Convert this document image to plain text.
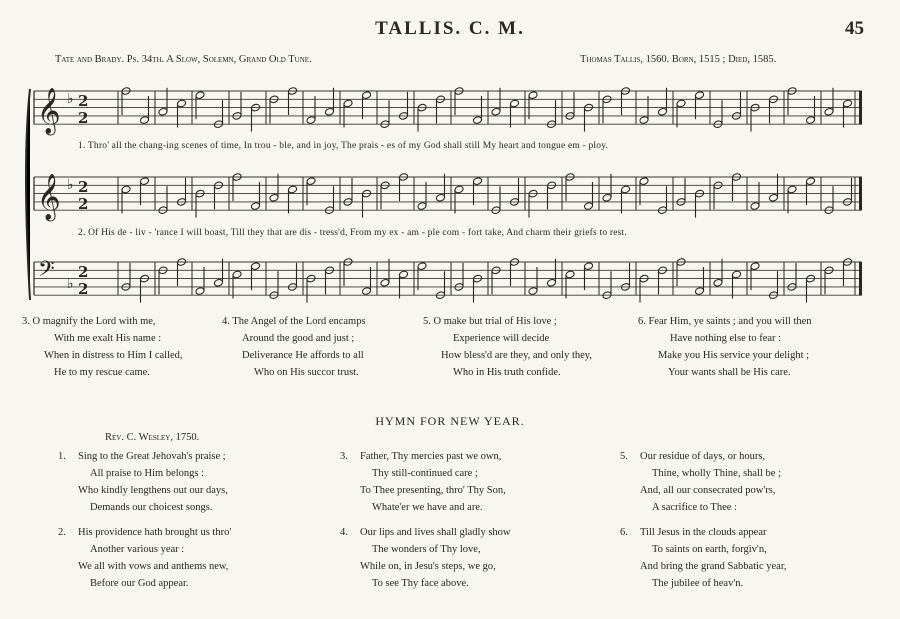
TALLIS. C. M.	45
Tate and Brady. Ps. 34th. A Slow, Solemn, Grand Old Tune.	Thomas Tallis, 1560. Born, 1515 ; Died, 1585.
𝄞 ♭ 2
2
𝄞 ♭ 2
2
𝄢 ♭
2
2
1. Thro' all the chang-ing scenes of time, In trou - ble, and in joy, The prais - es of my God shall still My heart and tongue em - ploy.
2. Of His de - liv - 'rance I will boast, Till they that are dis - tress'd, From my ex - am - ple com - fort take, And charm their griefs to rest.
3. O magnify the Lord with me,
With me exalt His name :
When in distress to Him I called,
He to my rescue came.
4. The Angel of the Lord encamps
Around the good and just ;
Deliverance He affords to all
Who on His succor trust.
5. O make but trial of His love ;
Experience will decide
How bless'd are they, and only they,
Who in His truth confide.
6. Fear Him, ye saints ; and you will then
Have nothing else to fear :
Make you His service your delight ;
Your wants shall be His care.
HYMN FOR NEW YEAR.
Rev. C. Wesley, 1750.
1.	Sing to the Great Jehovah's praise ;
All praise to Him belongs :
Who kindly lengthens out our days,
Demands our choicest songs.
2.	His providence hath brought us thro'
Another various year :
We all with vows and anthems new,
Before our God appear.
3.	Father, Thy mercies past we own,
Thy still-continued care ;
To Thee presenting, thro' Thy Son,
Whate'er we have and are.
4.	Our lips and lives shall gladly show
The wonders of Thy love,
While on, in Jesu's steps, we go,
To see Thy face above.
5.	Our residue of days, or hours,
Thine, wholly Thine, shall be ;
And, all our consecrated pow'rs,
A sacrifice to Thee :
6.	Till Jesus in the clouds appear
To saints on earth, forgiv'n,
And bring the grand Sabbatic year,
The jubilee of heav'n.
